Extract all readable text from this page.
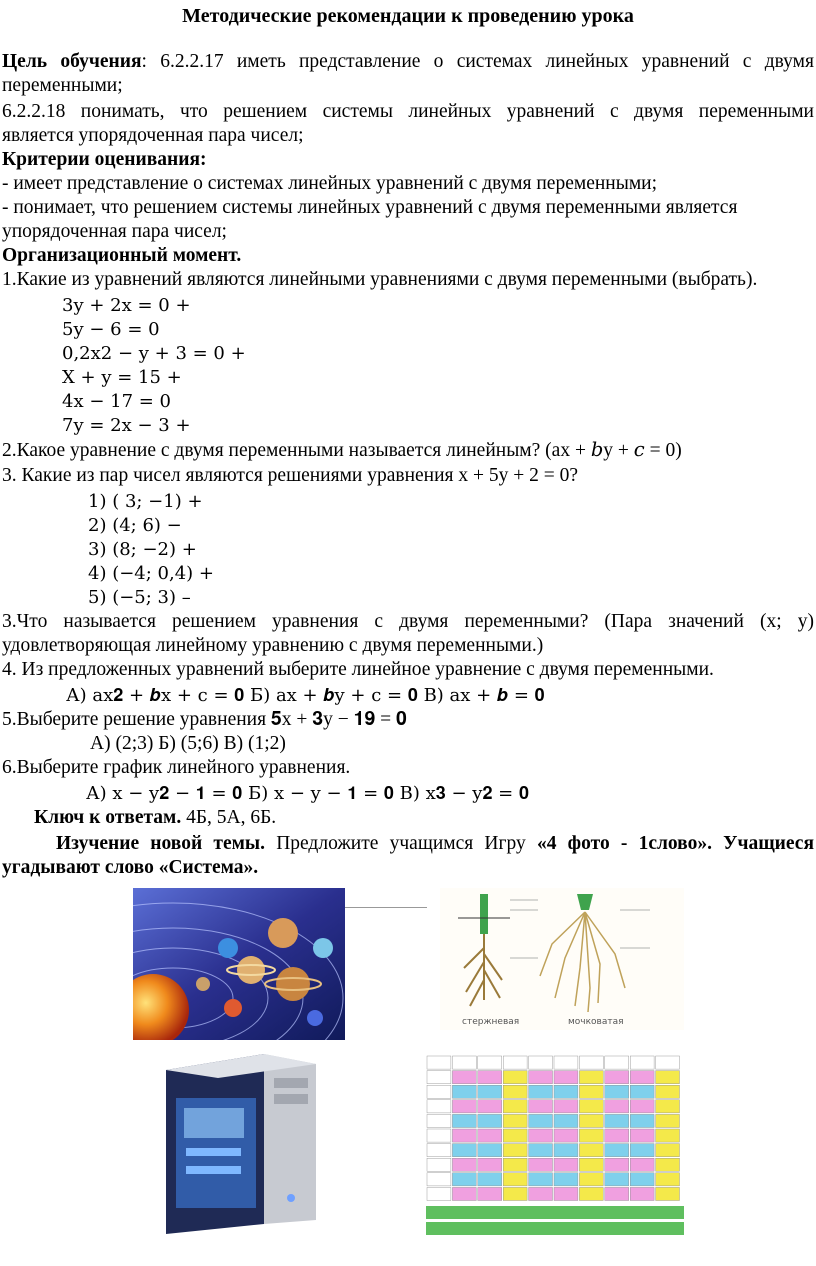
Методические рекомендации к проведению урока
Цель обучения: 6.2.2.17 иметь представление о системах линейных уравнений с двумя
переменными;
6.2.2.18 понимать, что решением системы линейных уравнений с двумя переменными
является упорядоченная пара чисел;
Критерии оценивания:
- имеет представление о системах линейных уравнений с двумя переменными;
- понимает, что решением системы линейных уравнений с двумя переменными является
упорядоченная пара чисел;
Организационный момент.
1.Какие из уравнений являются линейными уравнениями с двумя переменными (выбрать).
3y + 2x = 0 +
5y − 6 = 0
0,2x2 − y + 3 = 0 +
X + y = 15 +
4x − 17 = 0
7y = 2x − 3 +
2.Какое уравнение с двумя переменными называется линейным? (ax + 𝑏y + 𝑐 = 0)
3. Какие из пар чисел являются решениями уравнения x + 5y + 2 = 0?
1) ( 3; −1) +
2) (4; 6) −
3) (8; −2) +
4) (−4; 0,4) +
5) (−5; 3) –
3.Что называется решением уравнения с двумя переменными? (Пара значений (x; y)
удовлетворяющая линейному уравнению с двумя переменными.)
4. Из предложенных уравнений выберите линейное уравнение с двумя переменными.
А) ax𝟐 + 𝒃x + c = 𝟎 Б) ax + 𝒃y + c = 𝟎 В) ax + 𝒃 = 𝟎
5.Выберите решение уравнения 𝟓x + 𝟑y − 𝟏𝟗 = 𝟎
А) (2;3) Б) (5;6) В) (1;2)
6.Выберите график линейного уравнения.
А) x − y𝟐 − 𝟏 = 𝟎 Б) x − y − 𝟏 = 𝟎 В) x𝟑 − y𝟐 = 𝟎
Ключ к ответам. 4Б, 5А, 6Б.
Изучение новой темы. Предложите учащимся Игру «4 фото - 1слово». Учащиеся
угадывают слово «Система».
стержневая	мочковатая
